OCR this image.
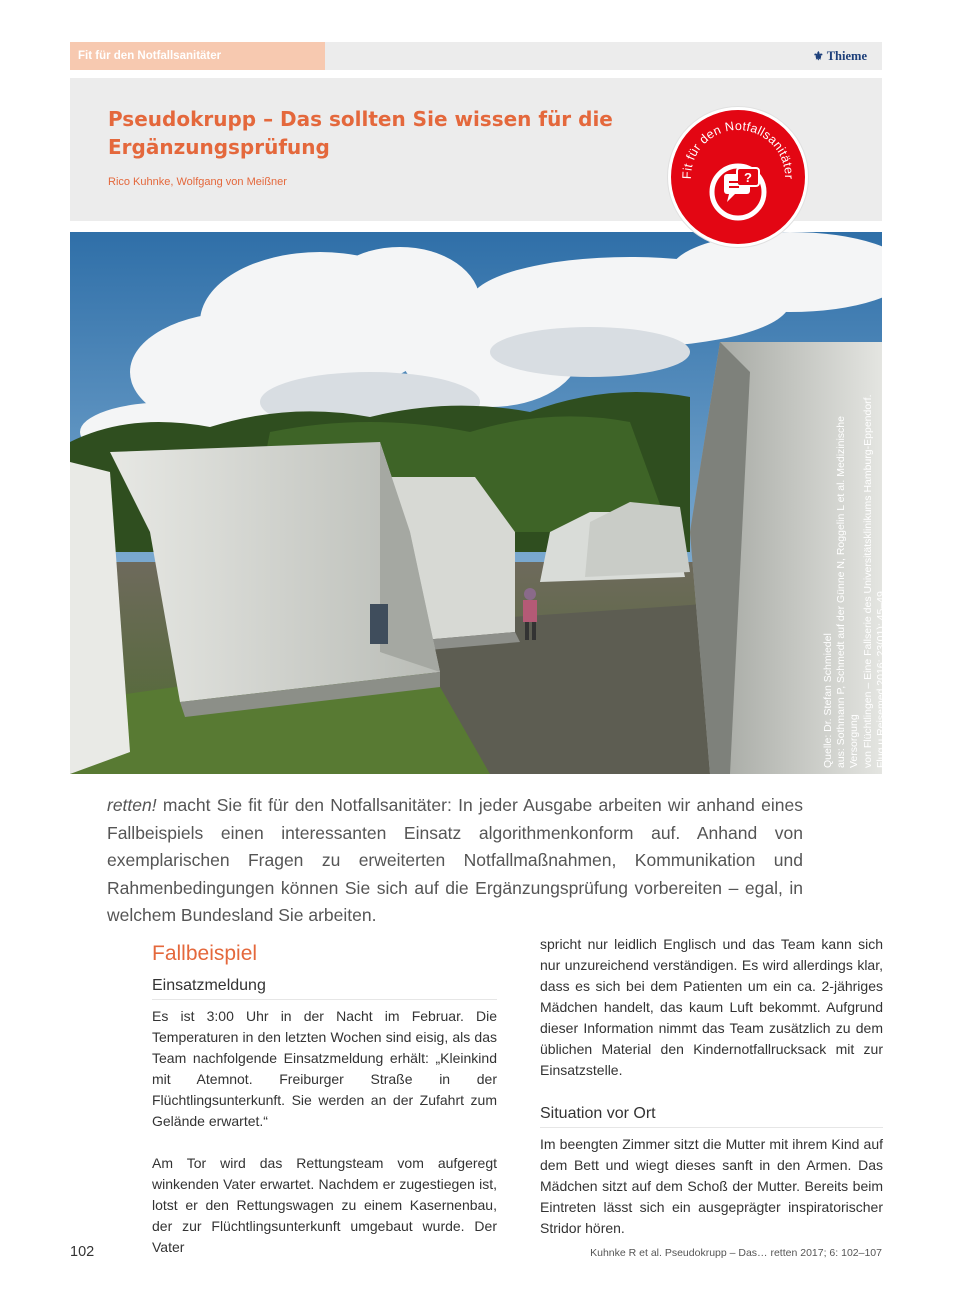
Fit für den Notfallsanitäter	⚜ Thieme
Pseudokrupp – Das sollten Sie wissen für die Ergänzungsprüfung

Rico Kuhnke, Wolfgang von Meißner

Fit für den Notfallsanitäter
?
Quelle: Dr. Stefan Schmiedel aus: Sothmann P, Schmedt auf der Günne N, Roggelin L et al. Medizinische Versorgung von Flüchtlingen – Eine Fallserie des Universitätsklinikums Hamburg-Eppendorf. Flug u Reisemed 2016; 23(01): 45–49.

retten! macht Sie fit für den Notfallsanitäter: In jeder Ausgabe arbeiten wir anhand eines Fallbeispiels einen interessanten Einsatz algorithmenkonform auf. Anhand von exemplarischen Fragen zu erweiterten Notfallmaßnahmen, Kommunikation und Rahmenbedingungen können Sie sich auf die Ergänzungsprüfung vorbereiten – egal, in welchem Bundesland Sie arbeiten.

Fallbeispiel
Einsatzmeldung

Es ist 3:00 Uhr in der Nacht im Februar. Die Temperaturen in den letzten Wochen sind eisig, als das Team nachfolgende Einsatzmeldung erhält: „Kleinkind mit Atemnot. Freiburger Straße in der Flüchtlingsunterkunft. Sie werden an der Zufahrt zum Gelände erwartet.“

Am Tor wird das Rettungsteam vom aufgeregt winkenden Vater erwartet. Nachdem er zugestiegen ist, lotst er den Rettungswagen zu einem Kasernenbau, der zur Flüchtlingsunterkunft umgebaut wurde. Der Vater

spricht nur leidlich Englisch und das Team kann sich nur unzureichend verständigen. Es wird allerdings klar, dass es sich bei dem Patienten um ein ca. 2-jähriges Mädchen handelt, das kaum Luft bekommt. Aufgrund dieser Information nimmt das Team zusätzlich zu dem üblichen Material den Kindernotfallrucksack mit zur Einsatzstelle.

Situation vor Ort

Im beengten Zimmer sitzt die Mutter mit ihrem Kind auf dem Bett und wiegt dieses sanft in den Armen. Das Mädchen sitzt auf dem Schoß der Mutter. Bereits beim Eintreten lässt sich ein ausgeprägter inspiratorischer Stridor hören.

102	Kuhnke R et al. Pseudokrupp – Das… retten 2017; 6: 102–107
